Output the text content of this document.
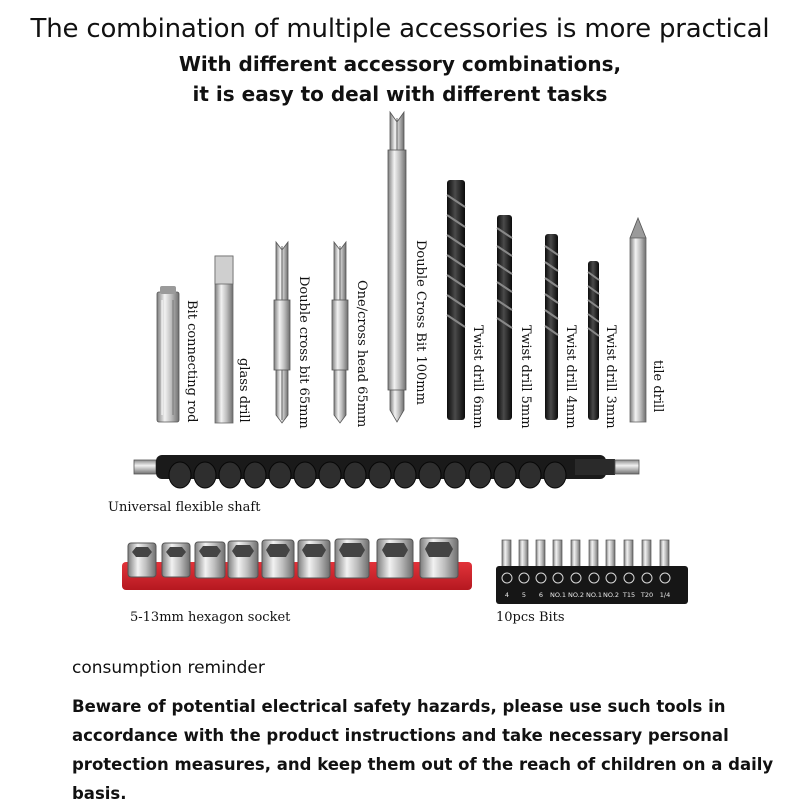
The combination of multiple accessories is more practical
With different accessory combinations,
it is easy to deal with different tasks
4 5 6 NO.1 NO.2 NO.1 NO.2 T15 T20 1/4
Bit connecting rod	glass drill	Double cross bit 65mm	One/cross head 65mm	Double Cross Bit 100mm	Twist drill 6mm	Twist drill 5mm Twist drill 4mm Twist drill 3mm tile drill
Universal flexible shaft
5-13mm hexagon socket	10pcs Bits
consumption reminder
Beware of potential electrical safety hazards, please use such tools in
accordance with the product instructions and take necessary personal
protection measures, and keep them out of the reach of children on a daily basis.
